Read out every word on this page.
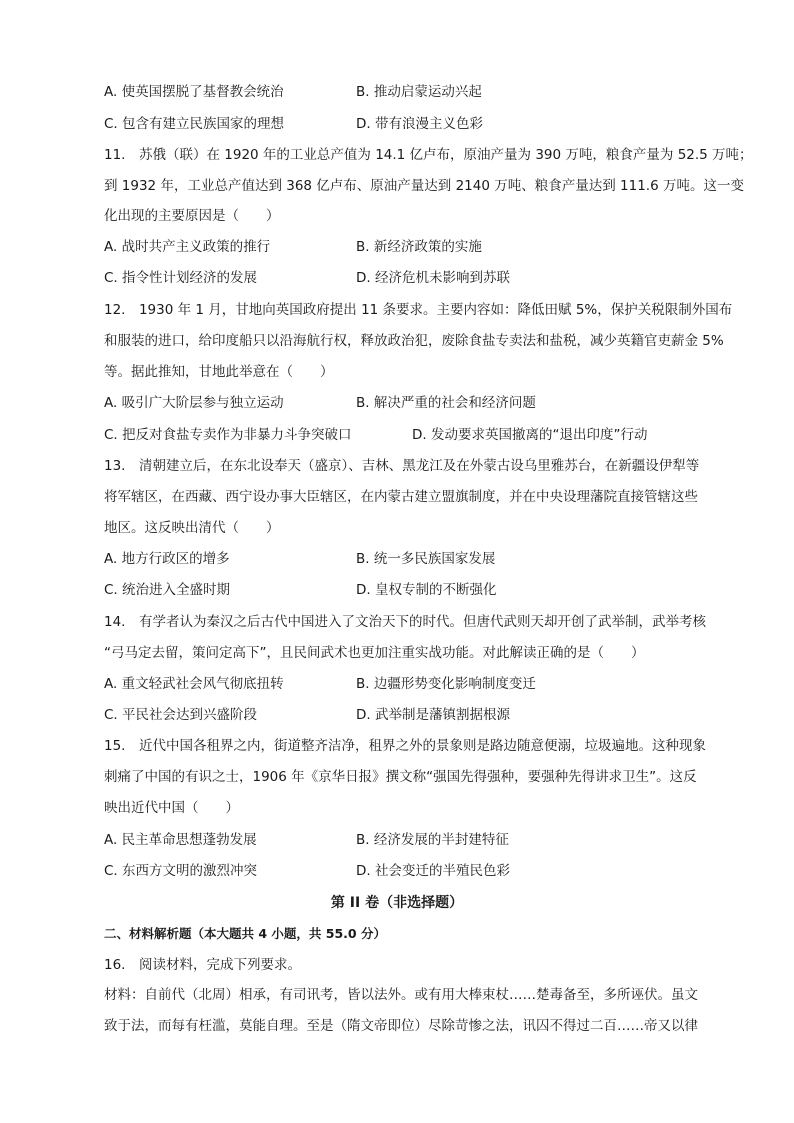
A. 使英国摆脱了基督教会统治	B. 推动启蒙运动兴起
C. 包含有建立民族国家的理想	D. 带有浪漫主义色彩
11.　苏俄（联）在 1920 年的工业总产值为 14.1 亿卢布，原油产量为 390 万吨，粮食产量为 52.5 万吨；
到 1932 年，工业总产值达到 368 亿卢布、原油产量达到 2140 万吨、粮食产量达到 111.6 万吨。这一变
化出现的主要原因是（　　）
A. 战时共产主义政策的推行	B. 新经济政策的实施
C. 指令性计划经济的发展	D. 经济危机未影响到苏联
12.　1930 年 1 月，甘地向英国政府提出 11 条要求。主要内容如：降低田赋 5%，保护关税限制外国布
和服装的进口，给印度船只以沿海航行权，释放政治犯，废除食盐专卖法和盐税，减少英籍官吏薪金 5%
等。据此推知，甘地此举意在（　　）
A. 吸引广大阶层参与独立运动	B. 解决严重的社会和经济问题
C. 把反对食盐专卖作为非暴力斗争突破口	D. 发动要求英国撤离的“退出印度”行动
13.　清朝建立后，在东北设奉天（盛京）、吉林、黑龙江及在外蒙古设乌里雅苏台，在新疆设伊犁等
将军辖区，在西藏、西宁设办事大臣辖区，在内蒙古建立盟旗制度，并在中央设理藩院直接管辖这些
地区。这反映出清代（　　）
A. 地方行政区的增多	B. 统一多民族国家发展
C. 统治进入全盛时期	D. 皇权专制的不断强化
14.　有学者认为秦汉之后古代中国进入了文治天下的时代。但唐代武则天却开创了武举制，武举考核
“弓马定去留，策问定高下”，且民间武术也更加注重实战功能。对此解读正确的是（　　）
A. 重文轻武社会风气彻底扭转	B. 边疆形势变化影响制度变迁
C. 平民社会达到兴盛阶段	D. 武举制是藩镇割据根源
15.　近代中国各租界之内，街道整齐洁净，租界之外的景象则是路边随意便溺，垃圾遍地。这种现象
刺痛了中国的有识之士，1906 年《京华日报》撰文称“强国先得强种，要强种先得讲求卫生”。这反
映出近代中国（　　）
A. 民主革命思想蓬勃发展	B. 经济发展的半封建特征
C. 东西方文明的激烈冲突	D. 社会变迁的半殖民色彩
第 II 卷（非选择题）
二、材料解析题（本大题共 4 小题，共 55.0 分）
16.　阅读材料，完成下列要求。
材料：自前代（北周）相承，有司讯考，皆以法外。或有用大棒束杖……楚毒备至，多所诬伏。虽文
致于法，而每有枉滥，莫能自理。至是（隋文帝即位）尽除苛惨之法，讯囚不得过二百……帝又以律
